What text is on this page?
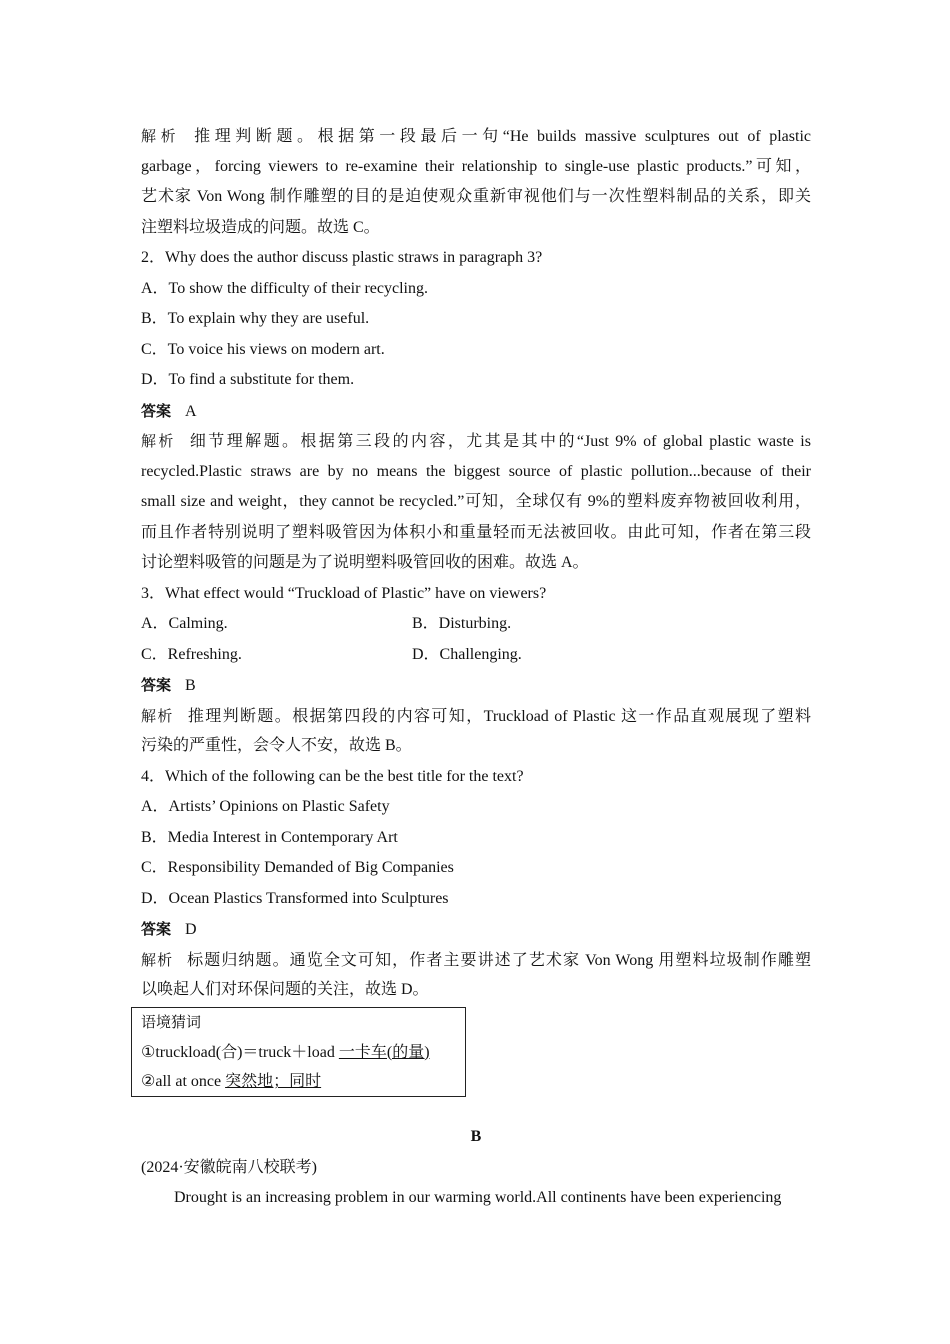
解析 推理判断题。根据第一段最后一句“He builds massive sculptures out of plastic
garbage，forcing viewers to re-examine their relationship to single-use plastic products.”可知，
艺术家 Von Wong 制作雕塑的目的是迫使观众重新审视他们与一次性塑料制品的关系，即关
注塑料垃圾造成的问题。故选 C。
2．Why does the author discuss plastic straws in paragraph 3?
A．To show the difficulty of their recycling.
B．To explain why they are useful.
C．To voice his views on modern art.
D．To find a substitute for them.
答案 A
解析 细节理解题。根据第三段的内容，尤其是其中的“Just 9% of global plastic waste is
recycled.Plastic straws are by no means the biggest source of plastic pollution...because of their
small size and weight，they cannot be recycled.”可知，全球仅有 9%的塑料废弃物被回收利用，
而且作者特别说明了塑料吸管因为体积小和重量轻而无法被回收。由此可知，作者在第三段
讨论塑料吸管的问题是为了说明塑料吸管回收的困难。故选 A。
3．What effect would “Truckload of Plastic” have on viewers?
A．Calming.	B．Disturbing.
C．Refreshing.	D．Challenging.
答案 B
解析 推理判断题。根据第四段的内容可知，Truckload of Plastic 这一作品直观展现了塑料
污染的严重性，会令人不安，故选 B。
4．Which of the following can be the best title for the text?
A．Artists’ Opinions on Plastic Safety
B．Media Interest in Contemporary Art
C．Responsibility Demanded of Big Companies
D．Ocean Plastics Transformed into Sculptures
答案 D
解析 标题归纳题。通览全文可知，作者主要讲述了艺术家 Von Wong 用塑料垃圾制作雕塑
以唤起人们对环保问题的关注，故选 D。
语境猜词
①truckload(合)＝truck＋load 一卡车(的量)
②all at once 突然地；同时
B
(2024·安徽皖南八校联考)
Drought is an increasing problem in our warming world.All continents have been experiencing
